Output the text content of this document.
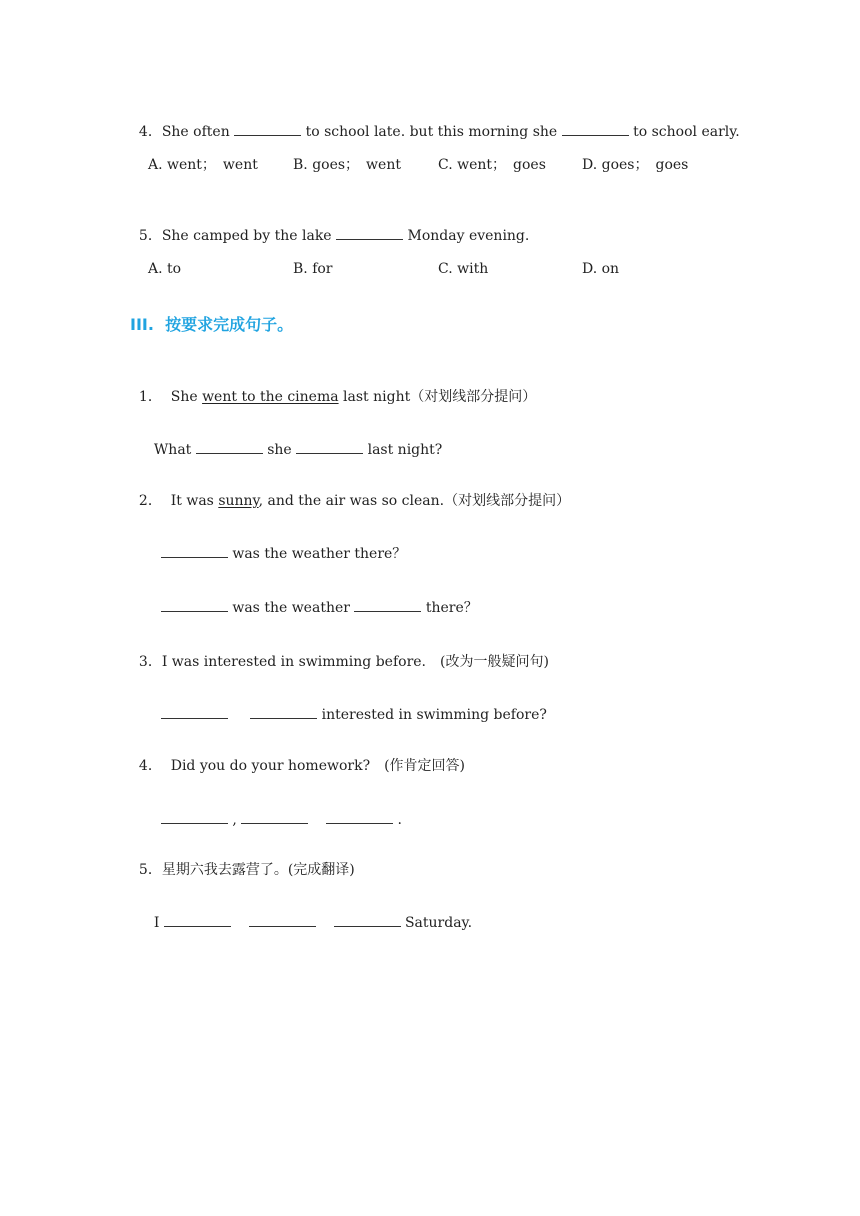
4．She often	to school late. but this morning she	to school early.

A. went；　went	B. goes；　went	C. went；　goes	D. goes；　goes

5．She camped by the lake	Monday evening.

A. to	B. for	C. with	D. on
III.  按要求完成句子。

1． She went to the cinema last night（对划线部分提问）

What	she	last night?

2． It was sunny, and the air was so clean.（对划线部分提问）

was the weather there？

was the weather	there？

3．I was interested in swimming before.　(改为一般疑问句)

interested in swimming before?

4． Did you do your homework?　(作肯定回答)

,	.

5．星期六我去露营了。(完成翻译)

I	Saturday.
